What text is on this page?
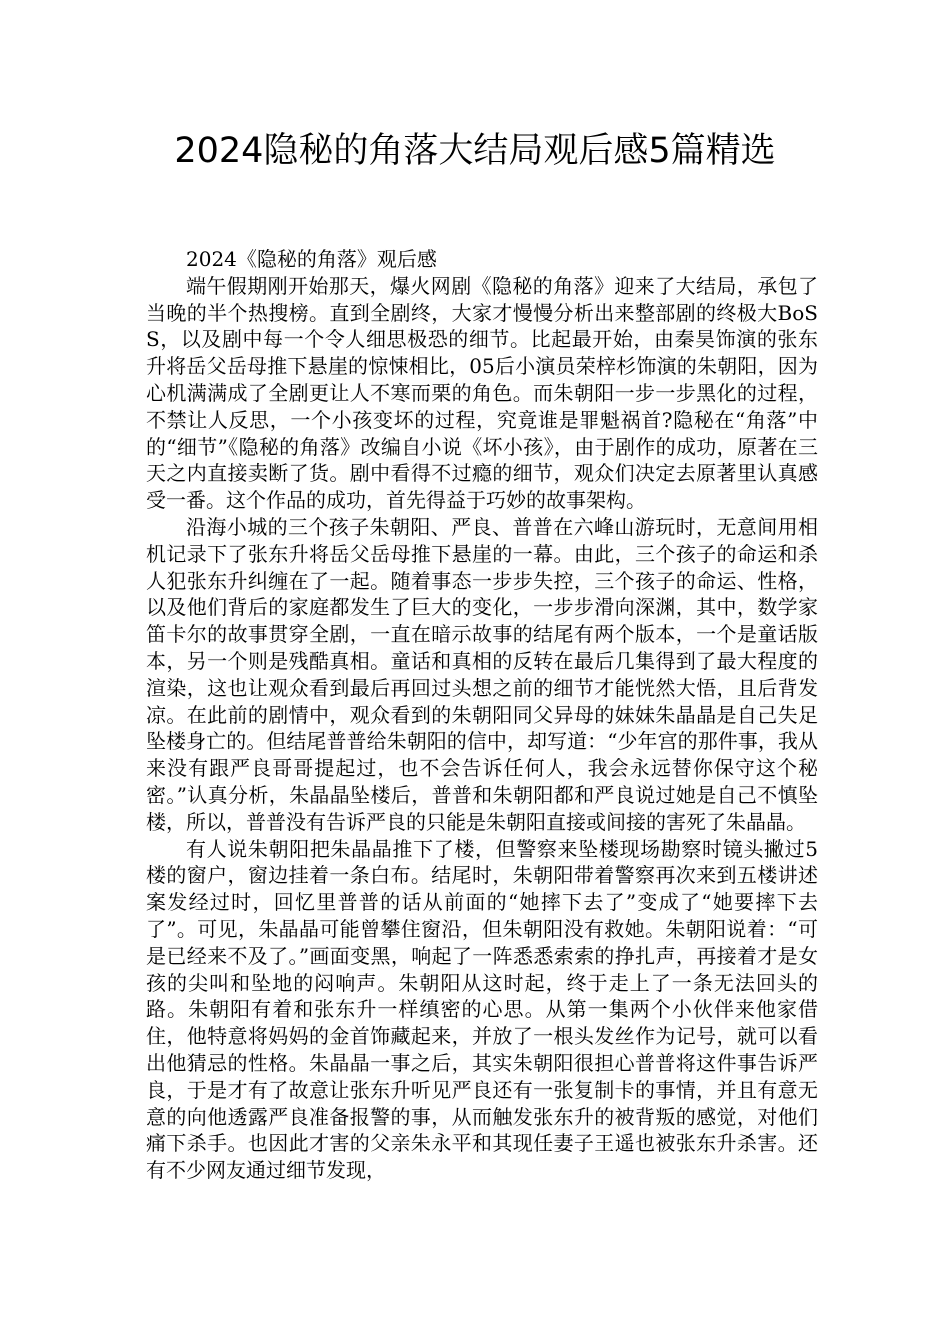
2024隐秘的角落大结局观后感5篇精选

2024《隐秘的角落》观后感

端午假期刚开始那天，爆火网剧《隐秘的角落》迎来了大结局，承包了当晚的半个热搜榜。直到全剧终，大家才慢慢分析出来整部剧的终极大BoSS，以及剧中每一个令人细思极恐的细节。比起最开始，由秦昊饰演的张东升将岳父岳母推下悬崖的惊悚相比，05后小演员荣梓杉饰演的朱朝阳，因为心机满满成了全剧更让人不寒而栗的角色。而朱朝阳一步一步黑化的过程，不禁让人反思，一个小孩变坏的过程，究竟谁是罪魁祸首?隐秘在“角落”中的“细节”《隐秘的角落》改编自小说《坏小孩》，由于剧作的成功，原著在三天之内直接卖断了货。剧中看得不过瘾的细节，观众们决定去原著里认真感受一番。这个作品的成功，首先得益于巧妙的故事架构。

沿海小城的三个孩子朱朝阳、严良、普普在六峰山游玩时，无意间用相机记录下了张东升将岳父岳母推下悬崖的一幕。由此，三个孩子的命运和杀人犯张东升纠缠在了一起。随着事态一步步失控，三个孩子的命运、性格，以及他们背后的家庭都发生了巨大的变化，一步步滑向深渊，其中，数学家笛卡尔的故事贯穿全剧，一直在暗示故事的结尾有两个版本，一个是童话版本，另一个则是残酷真相。童话和真相的反转在最后几集得到了最大程度的渲染，这也让观众看到最后再回过头想之前的细节才能恍然大悟，且后背发凉。在此前的剧情中，观众看到的朱朝阳同父异母的妹妹朱晶晶是自己失足坠楼身亡的。但结尾普普给朱朝阳的信中，却写道：“少年宫的那件事，我从来没有跟严良哥哥提起过，也不会告诉任何人，我会永远替你保守这个秘密。”认真分析，朱晶晶坠楼后，普普和朱朝阳都和严良说过她是自己不慎坠楼，所以，普普没有告诉严良的只能是朱朝阳直接或间接的害死了朱晶晶。

有人说朱朝阳把朱晶晶推下了楼，但警察来坠楼现场勘察时镜头撇过5楼的窗户，窗边挂着一条白布。结尾时，朱朝阳带着警察再次来到五楼讲述案发经过时，回忆里普普的话从前面的“她摔下去了”变成了“她要摔下去了”。可见，朱晶晶可能曾攀住窗沿，但朱朝阳没有救她。朱朝阳说着：“可是已经来不及了。”画面变黑，响起了一阵悉悉索索的挣扎声，再接着才是女孩的尖叫和坠地的闷响声。朱朝阳从这时起，终于走上了一条无法回头的路。朱朝阳有着和张东升一样缜密的心思。从第一集两个小伙伴来他家借住，他特意将妈妈的金首饰藏起来，并放了一根头发丝作为记号，就可以看出他猜忌的性格。朱晶晶一事之后，其实朱朝阳很担心普普将这件事告诉严良，于是才有了故意让张东升听见严良还有一张复制卡的事情，并且有意无意的向他透露严良准备报警的事，从而触发张东升的被背叛的感觉，对他们痛下杀手。也因此才害的父亲朱永平和其现任妻子王遥也被张东升杀害。还有不少网友通过细节发现，
